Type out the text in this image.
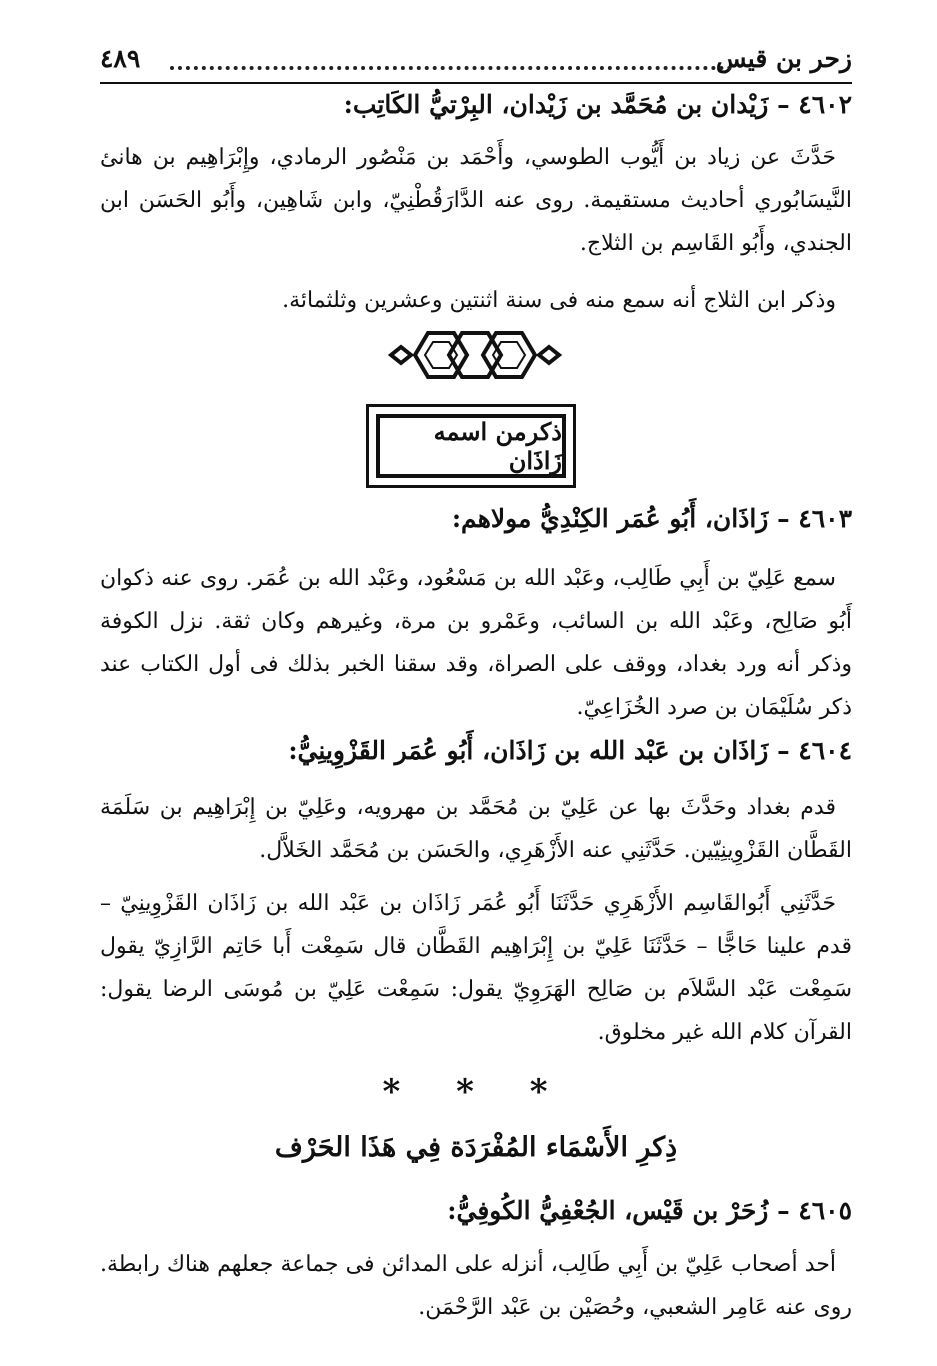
زحر بن قيس
٤٨٩
٤٦٠٢ – زَيْدان بن مُحَمَّد بن زَيْدان، البِرْتيُّ الكَاتِب:
حَدَّثَ عن زياد بن أَيُّوب الطوسي، وأَحْمَد بن مَنْصُور الرمادي، وإِبْرَاهِيم بن هانئ النَّيسَابُوري أحاديث مستقيمة. روى عنه الدَّارَقُطْنِيّ، وابن شَاهِين، وأَبُو الحَسَن ابن الجندي، وأَبُو القَاسِم بن الثلاج.
وذكر ابن الثلاج أنه سمع منه فى سنة اثنتين وعشرين وثلثمائة.
ذكرمن اسمه زَاذَان
٤٦٠٣ – زَاذَان، أَبُو عُمَر الكِنْدِيُّ مولاهم:
سمع عَلِيّ بن أَبِي طَالِب، وعَبْد الله بن مَسْعُود، وعَبْد الله بن عُمَر. روى عنه ذكوان أَبُو صَالِح، وعَبْد الله بن السائب، وعَمْرو بن مرة، وغيرهم وكان ثقة. نزل الكوفة وذكر أنه ورد بغداد، ووقف على الصراة، وقد سقنا الخبر بذلك فى أول الكتاب عند ذكر سُلَيْمَان بن صرد الخُزَاعِيّ.
٤٦٠٤ – زَاذَان بن عَبْد الله بن زَاذَان، أَبُو عُمَر القَزْوِينِيُّ:
قدم بغداد وحَدَّثَ بها عن عَلِيّ بن مُحَمَّد بن مهرويه، وعَلِيّ بن إِبْرَاهِيم بن سَلَمَة القَطَّان القَزْوِينِيّين. حَدَّثَنِي عنه الأَزْهَرِي، والحَسَن بن مُحَمَّد الخَلاَّل.
حَدَّثَنِي أَبُوالقَاسِم الأَزْهَرِي حَدَّثَنَا أَبُو عُمَر زَاذَان بن عَبْد الله بن زَاذَان القَزْوِينِيّ – قدم علينا حَاجًّا – حَدَّثَنَا عَلِيّ بن إِبْرَاهِيم القَطَّان قال سَمِعْت أَبا حَاتِم الرَّازِيّ يقول سَمِعْت عَبْد السَّلاَم بن صَالِح الهَرَوِيّ يقول: سَمِعْت عَلِيّ بن مُوسَى الرضا يقول: القرآن كلام الله غير مخلوق.
* * *
ذِكرِ الأَسْمَاء المُفْرَدَة فِي هَذَا الحَرْف
٤٦٠٥ – زُحَرْ بن قَيْس، الجُعْفِيُّ الكُوفِيُّ:
أحد أصحاب عَلِيّ بن أَبِي طَالِب، أنزله على المدائن فى جماعة جعلهم هناك رابطة. روى عنه عَامِر الشعبي، وحُصَيْن بن عَبْد الرَّحْمَن.
